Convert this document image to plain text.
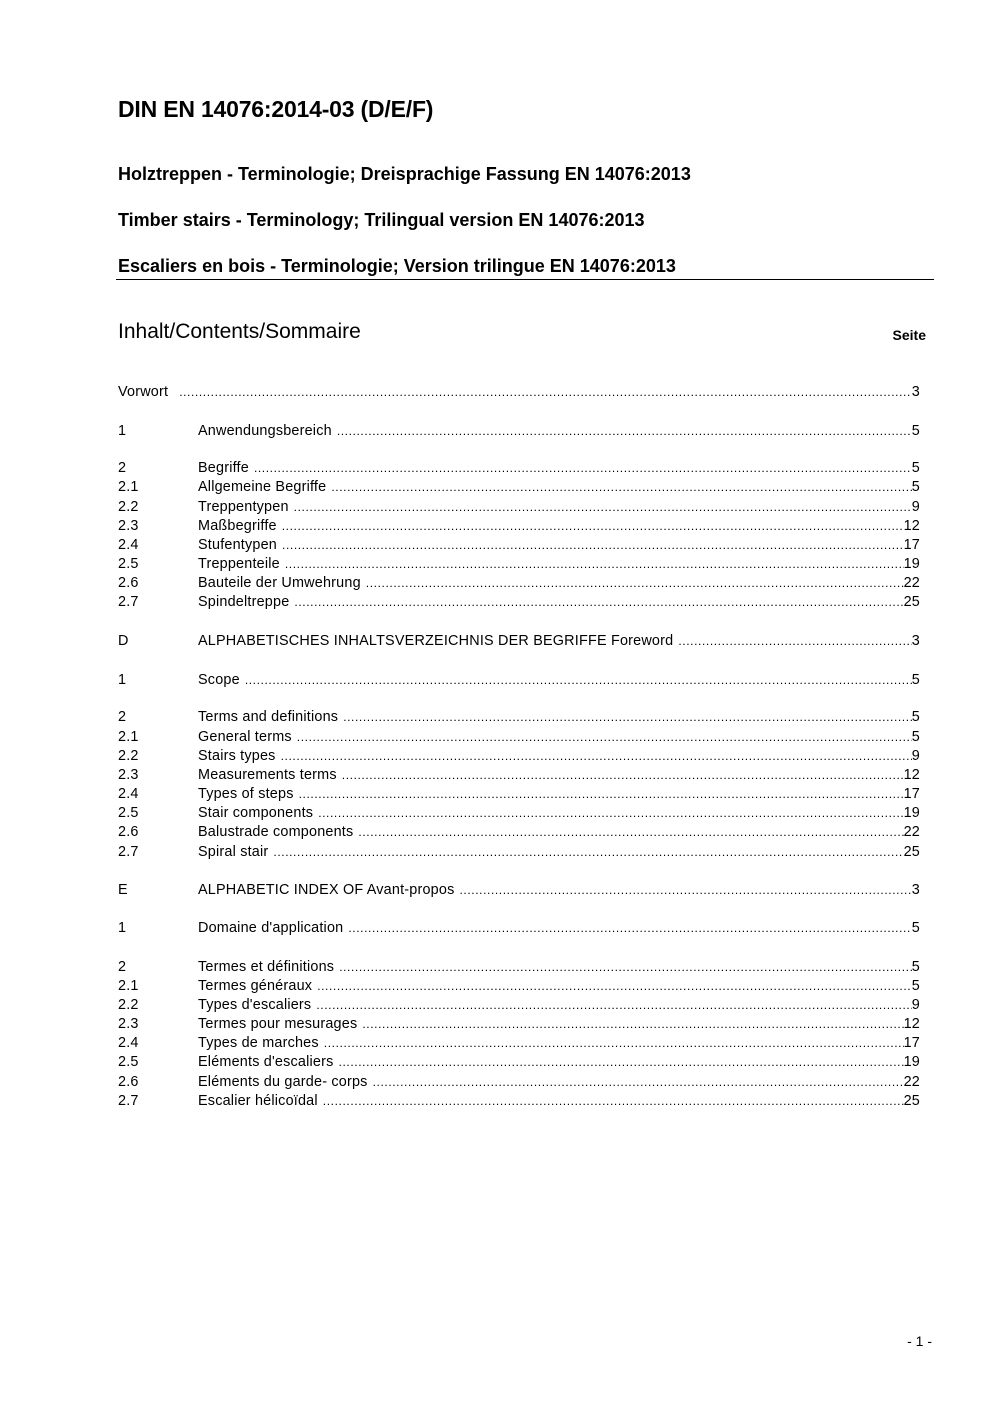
DIN EN 14076:2014-03 (D/E/F)
Holztreppen - Terminologie; Dreisprachige Fassung EN 14076:2013
Timber stairs - Terminology; Trilingual version EN 14076:2013
Escaliers en bois - Terminologie; Version trilingue EN 14076:2013
Inhalt/Contents/Sommaire	Seite
Vorwort .....	3
1	Anwendungsbereich .....	5
2	Begriffe .....	5
2.1	Allgemeine Begriffe .....	5
2.2	Treppentypen .....	9
2.3	Maßbegriffe .....	12
2.4	Stufentypen .....	17
2.5	Treppenteile .....	19
2.6	Bauteile der Umwehrung .....	22
2.7	Spindeltreppe .....	25
D	ALPHABETISCHES INHALTSVERZEICHNIS DER BEGRIFFE Foreword .....	3
1	Scope .....	5
2	Terms and definitions .....	5
2.1	General terms .....	5
2.2	Stairs types .....	9
2.3	Measurements terms .....	12
2.4	Types of steps .....	17
2.5	Stair components .....	19
2.6	Balustrade components .....	22
2.7	Spiral stair .....	25
E	ALPHABETIC INDEX OF Avant-propos .....	3
1	Domaine d'application .....	5
2	Termes et définitions .....	5
2.1	Termes généraux .....	5
2.2	Types d'escaliers .....	9
2.3	Termes pour mesurages .....	12
2.4	Types de marches .....	17
2.5	Eléments d'escaliers .....	19
2.6	Eléments du garde- corps .....	22
2.7	Escalier hélicoïdal .....	25
- 1 -
